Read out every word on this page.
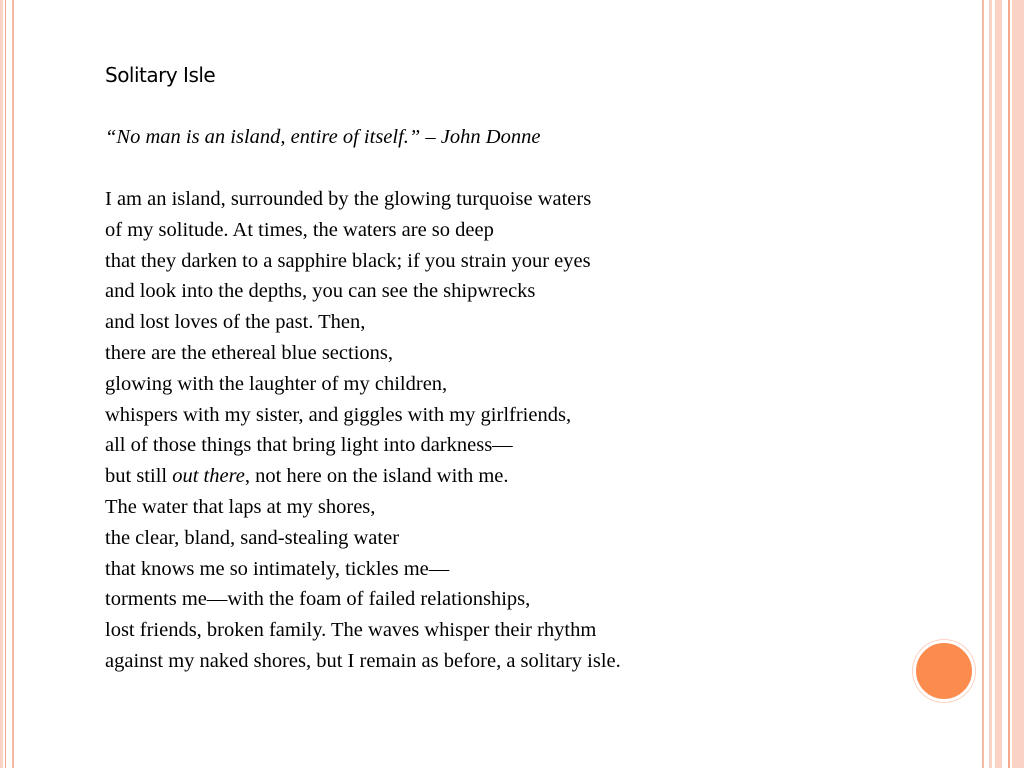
Solitary Isle

“No man is an island, entire of itself.” – John Donne

I am an island, surrounded by the glowing turquoise waters
of my solitude. At times, the waters are so deep
that they darken to a sapphire black; if you strain your eyes
and look into the depths, you can see the shipwrecks
and lost loves of the past. Then,
there are the ethereal blue sections,
glowing with the laughter of my children,
whispers with my sister, and giggles with my girlfriends,
all of those things that bring light into darkness—
but still out there, not here on the island with me.
The water that laps at my shores,
the clear, bland, sand-stealing water
that knows me so intimately, tickles me—
torments me—with the foam of failed relationships,
lost friends, broken family. The waves whisper their rhythm
against my naked shores, but I remain as before, a solitary isle.
